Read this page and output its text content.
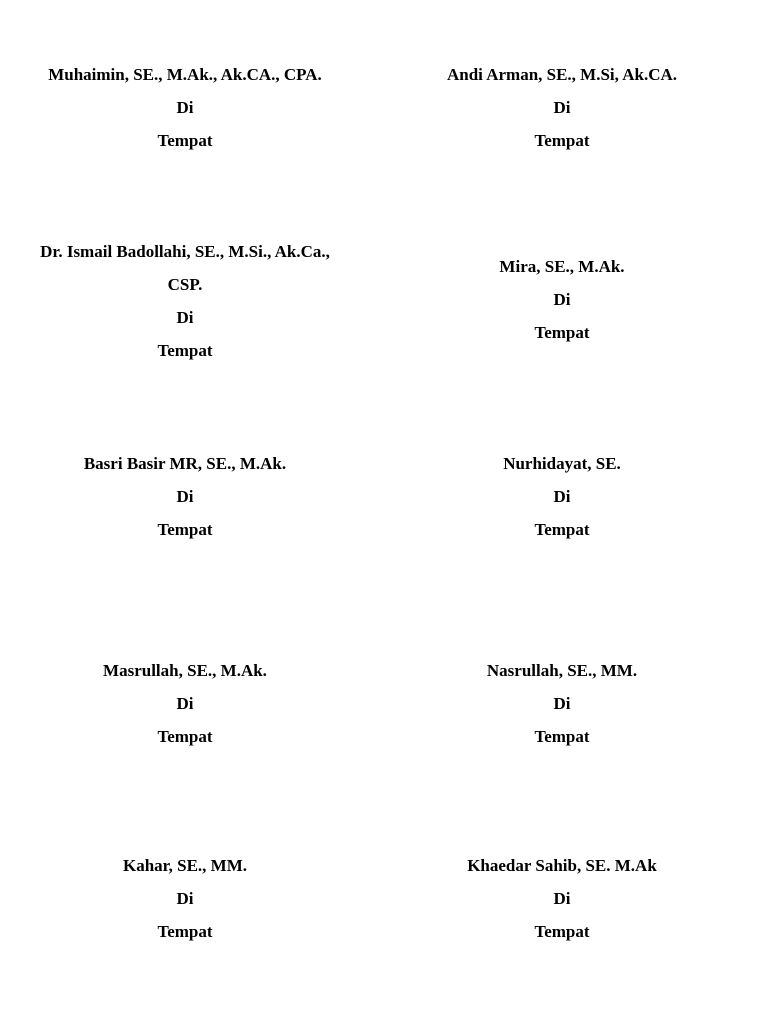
Muhaimin, SE., M.Ak., Ak.CA., CPA.
Di
Tempat
Andi Arman, SE., M.Si, Ak.CA.
Di
Tempat
Dr. Ismail Badollahi, SE., M.Si., Ak.Ca.,
CSP.
Di
Tempat
Mira, SE., M.Ak.
Di
Tempat
Basri Basir MR, SE., M.Ak.
Di
Tempat
Nurhidayat, SE.
Di
Tempat
Masrullah, SE., M.Ak.
Di
Tempat
Nasrullah, SE., MM.
Di
Tempat
Kahar, SE., MM.
Di
Tempat
Khaedar Sahib, SE. M.Ak
Di
Tempat
